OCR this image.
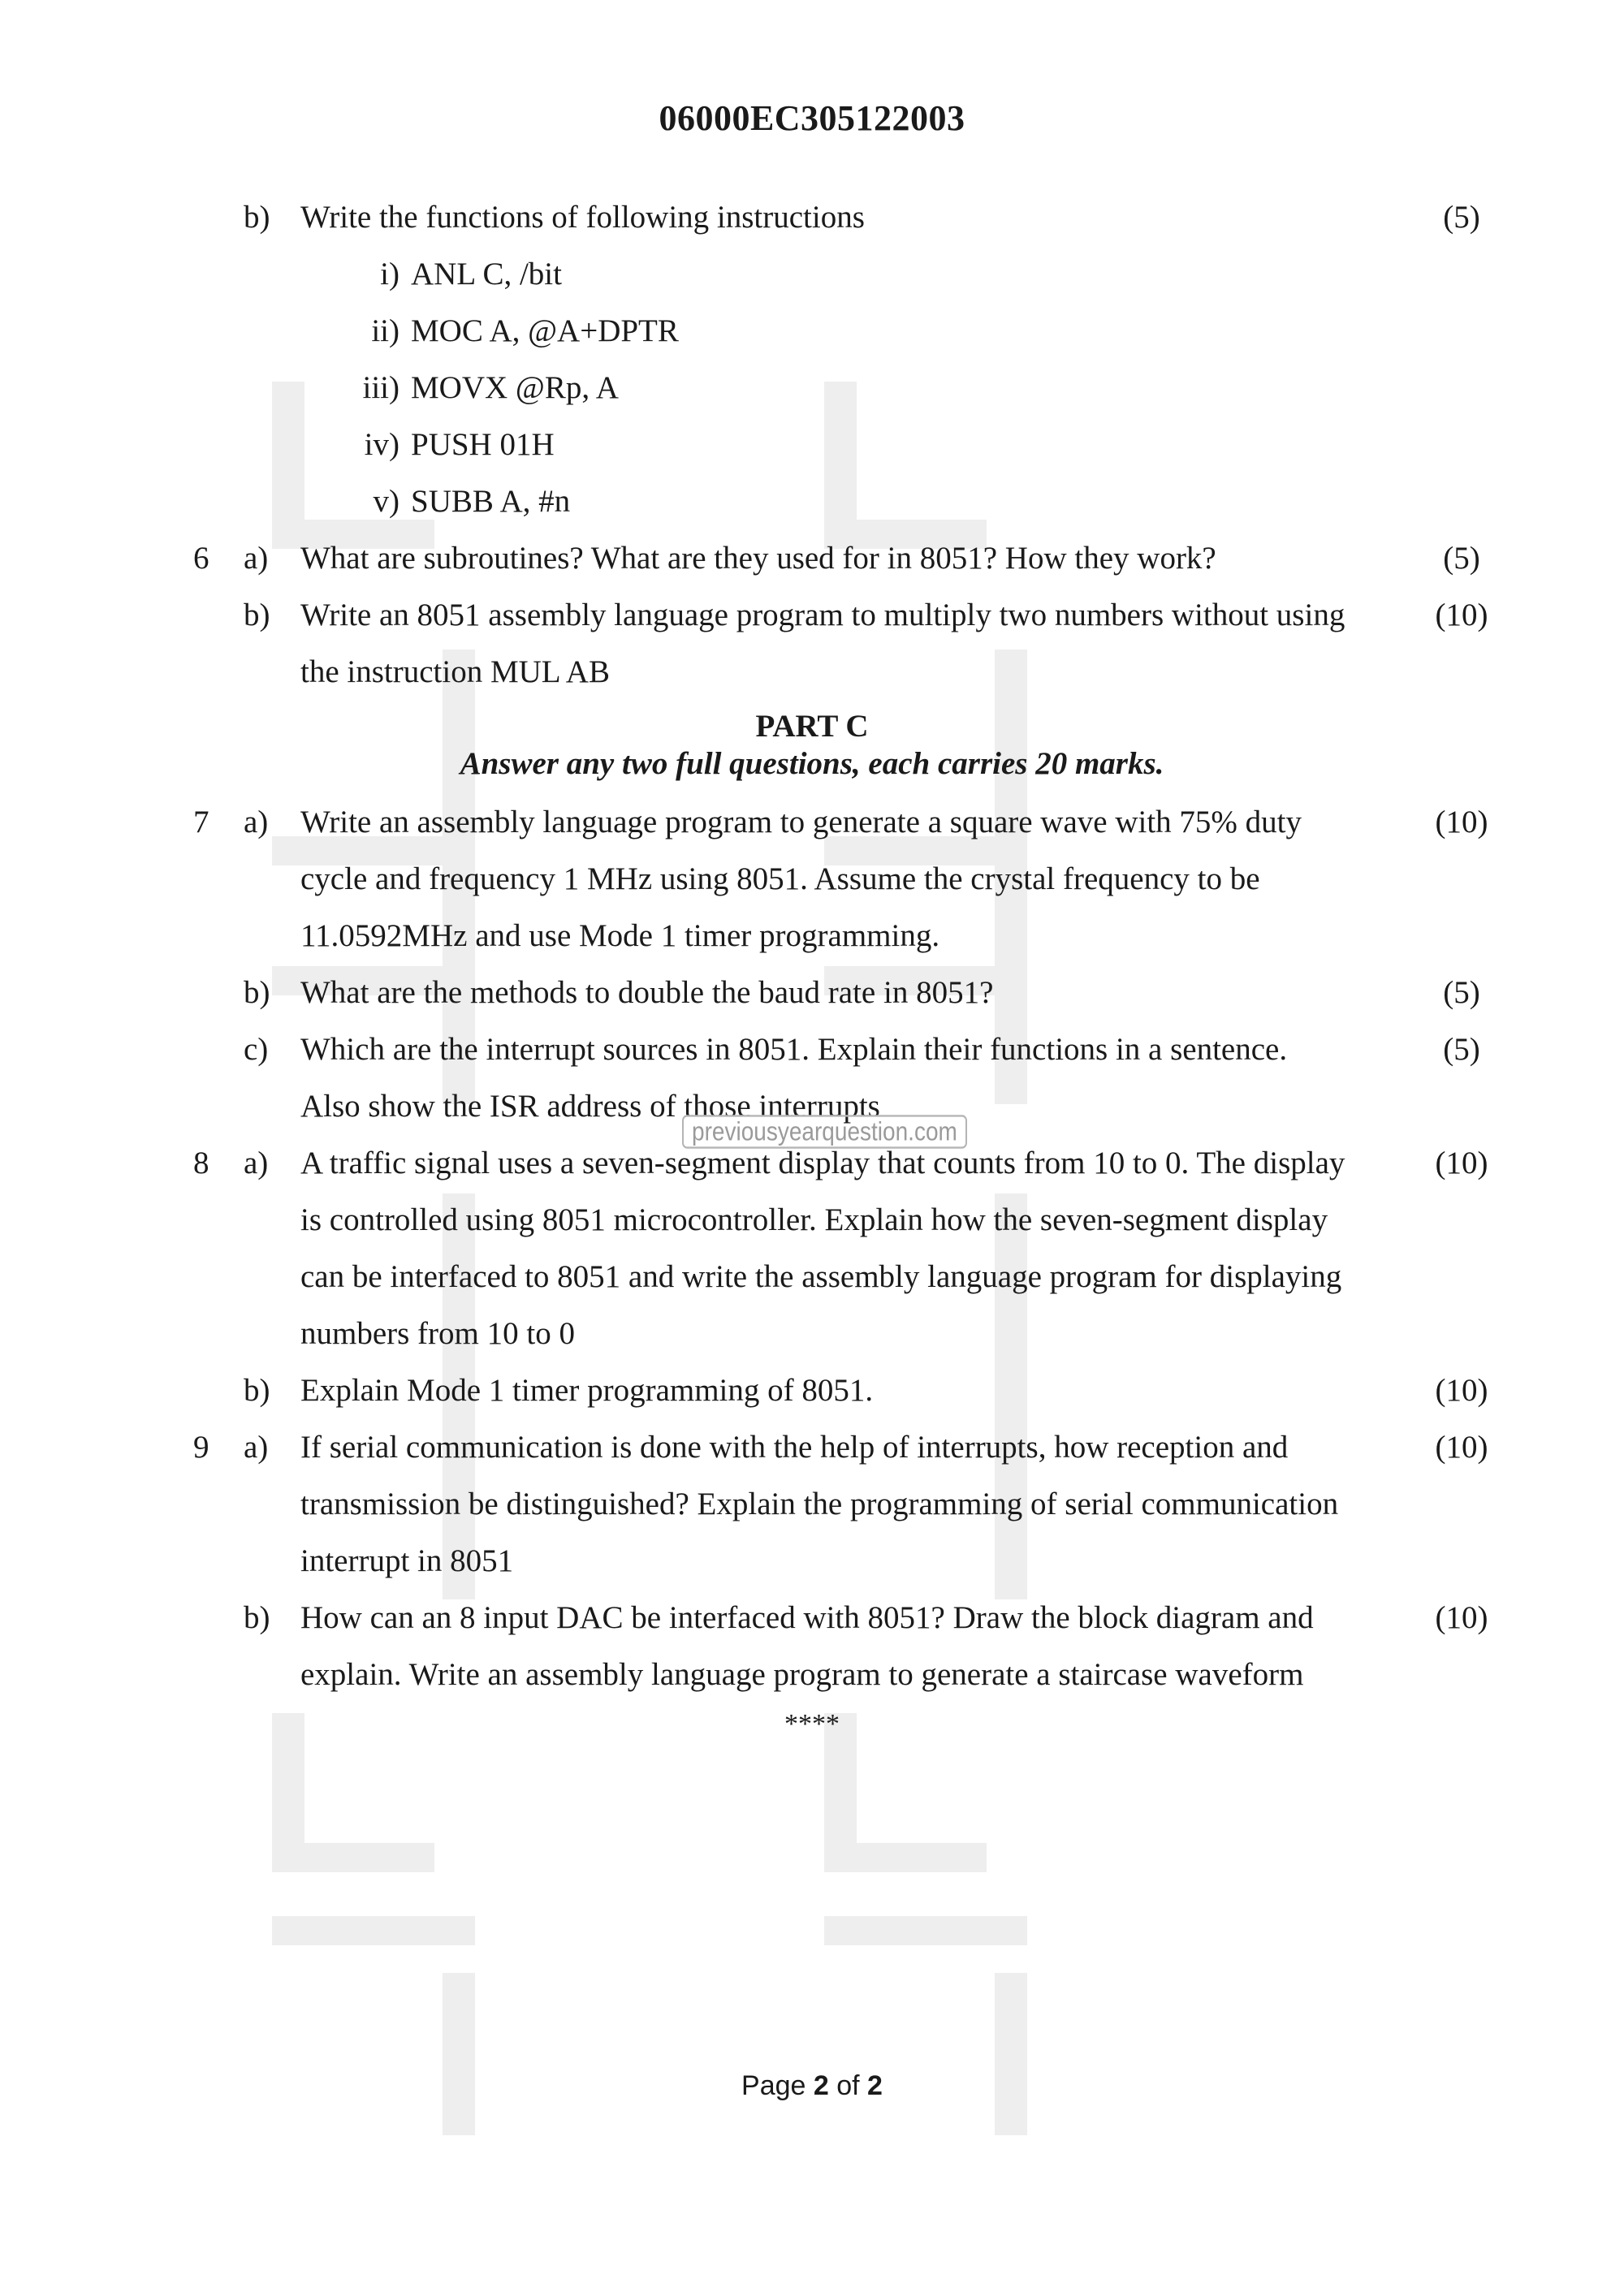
06000EC305122003
b) Write the functions of following instructions	(5)
i) ANL C, /bit
ii) MOC A, @A+DPTR
iii) MOVX @Rp, A
iv) PUSH 01H
v) SUBB A, #n
6	a)	What are subroutines? What are they used for in 8051? How they work?	(5)
b) Write an 8051 assembly language program to multiply two numbers without using	(10)
the instruction MUL AB
PART C
Answer any two full questions, each carries 20 marks.
7	a)	Write an assembly language program to generate a square wave with 75% duty	(10)
cycle and frequency 1 MHz using 8051. Assume the crystal frequency to be
11.0592MHz and use Mode 1 timer programming.
b) What are the methods to double the baud rate in 8051?	(5)
c)	Which are the interrupt sources in 8051. Explain their functions in a sentence.	(5)
Also show the ISR address of those interrupts
8	a)	A traffic signal uses a seven-segment display that counts from 10 to 0. The display	(10)
is controlled using 8051 microcontroller. Explain how the seven-segment display
can be interfaced to 8051 and write the assembly language program for displaying
numbers from 10 to 0
b) Explain Mode 1 timer programming of 8051.	(10)
9	a)	If serial communication is done with the help of interrupts, how reception and	(10)
transmission be distinguished? Explain the programming of serial communication
interrupt in 8051
b) How can an 8 input DAC be interfaced with 8051? Draw the block diagram and	(10)
explain. Write an assembly language program to generate a staircase waveform
****
previousyearquestion.com
Page 2 of 2
